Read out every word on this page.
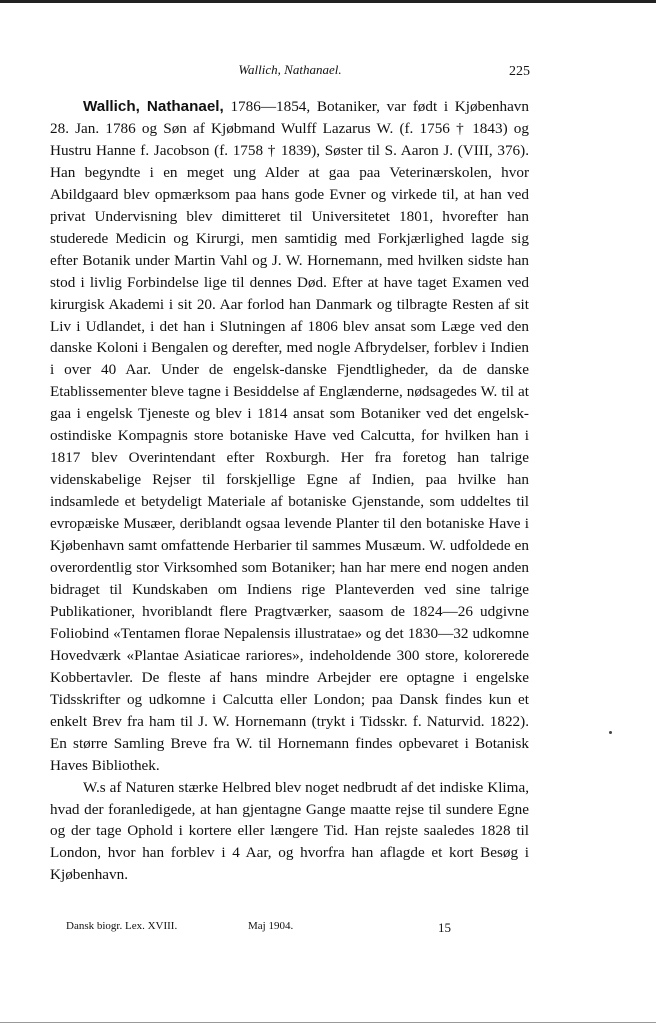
Wallich, Nathanael.	225

Wallich, Nathanael, 1786—1854, Botaniker, var født i Kjøbenhavn 28. Jan. 1786 og Søn af Kjøbmand Wulff Lazarus W. (f. 1756 † 1843) og Hustru Hanne f. Jacobson (f. 1758 † 1839), Søster til S. Aaron J. (VIII, 376). Han begyndte i en meget ung Alder at gaa paa Veterinærskolen, hvor Abildgaard blev opmærksom paa hans gode Evner og virkede til, at han ved privat Undervisning blev dimitteret til Universitetet 1801, hvorefter han studerede Medicin og Kirurgi, men samtidig med Forkjærlighed lagde sig efter Botanik under Martin Vahl og J. W. Hornemann, med hvilken sidste han stod i livlig Forbindelse lige til dennes Død. Efter at have taget Examen ved kirurgisk Akademi i sit 20. Aar forlod han Danmark og tilbragte Resten af sit Liv i Udlandet, i det han i Slutningen af 1806 blev ansat som Læge ved den danske Koloni i Bengalen og derefter, med nogle Afbrydelser, forblev i Indien i over 40 Aar. Under de engelsk-danske Fjendtligheder, da de danske Etablissementer bleve tagne i Besiddelse af Englænderne, nødsagedes W. til at gaa i engelsk Tjeneste og blev i 1814 ansat som Botaniker ved det engelsk-ostindiske Kompagnis store botaniske Have ved Calcutta, for hvilken han i 1817 blev Overintendant efter Roxburgh. Her fra foretog han talrige videnskabelige Rejser til forskjellige Egne af Indien, paa hvilke han indsamlede et betydeligt Materiale af botaniske Gjenstande, som uddeltes til evropæiske Musæer, deriblandt ogsaa levende Planter til den botaniske Have i Kjøbenhavn samt omfattende Herbarier til sammes Musæum. W. udfoldede en overordentlig stor Virksomhed som Botaniker; han har mere end nogen anden bidraget til Kundskaben om Indiens rige Planteverden ved sine talrige Publikationer, hvoriblandt flere Pragtværker, saasom de 1824—26 udgivne Foliobind «Tentamen florae Nepalensis illustratae» og det 1830—32 udkomne Hovedværk «Plantae Asiaticae rariores», indeholdende 300 store, kolorerede Kobbertavler. De fleste af hans mindre Arbejder ere optagne i engelske Tidsskrifter og udkomne i Calcutta eller London; paa Dansk findes kun et enkelt Brev fra ham til J. W. Hornemann (trykt i Tidsskr. f. Naturvid. 1822). En større Samling Breve fra W. til Hornemann findes opbevaret i Botanisk Haves Bibliothek.

W.s af Naturen stærke Helbred blev noget nedbrudt af det indiske Klima, hvad der foranledigede, at han gjentagne Gange maatte rejse til sundere Egne og der tage Ophold i kortere eller længere Tid. Han rejste saaledes 1828 til London, hvor han forblev i 4 Aar, og hvorfra han aflagde et kort Besøg i Kjøbenhavn.

Dansk biogr. Lex. XVIII.	Maj 1904.	15
